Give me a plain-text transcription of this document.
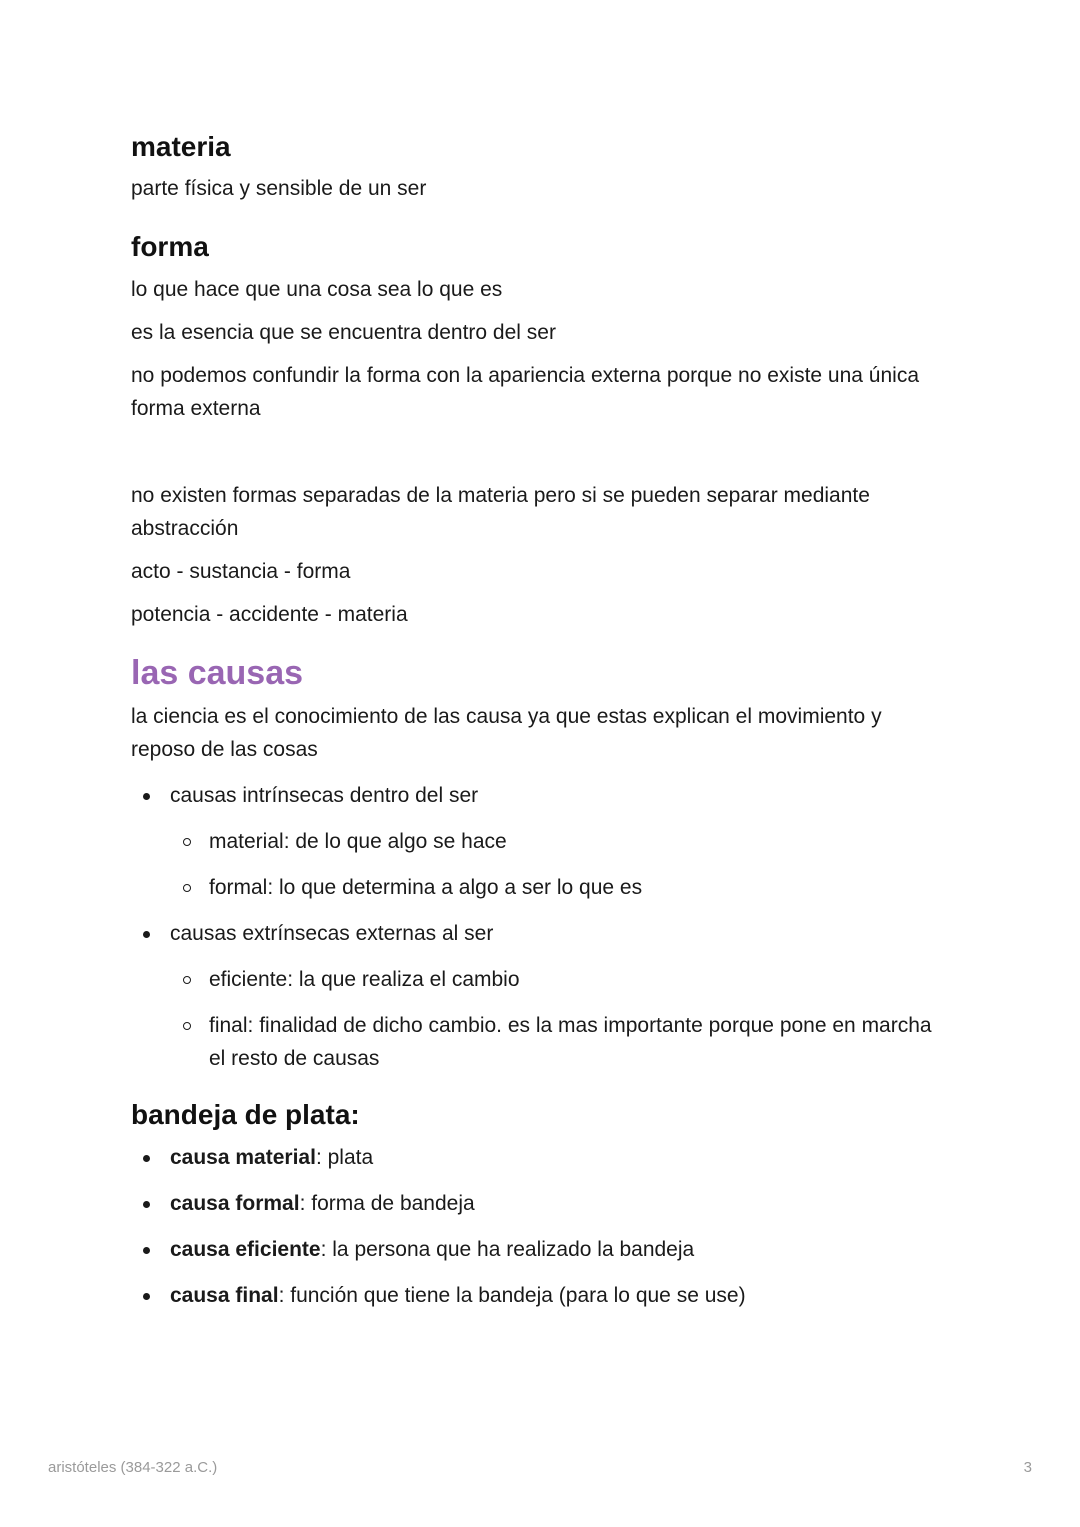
materia

parte física y sensible de un ser

forma

lo que hace que una cosa sea lo que es

es la esencia que se encuentra dentro del ser

no podemos confundir la forma con la apariencia externa porque no existe una única forma externa

no existen formas separadas de la materia pero si se pueden separar mediante abstracción

acto - sustancia - forma

potencia - accidente - materia

las causas

la ciencia es el conocimiento de las causa ya que estas explican el movimiento y reposo de las cosas

causas intrínsecas dentro del ser
material: de lo que algo se hace
formal: lo que determina a algo a ser lo que es
causas extrínsecas externas al ser
eficiente: la que realiza el cambio
final: finalidad de dicho cambio. es la mas importante porque pone en marcha el resto de causas
bandeja de plata:
causa material: plata
causa formal: forma de bandeja
causa eficiente: la persona que ha realizado la bandeja
causa final: función que tiene la bandeja (para lo que se use)
aristóteles (384-322 a.C.)	3
